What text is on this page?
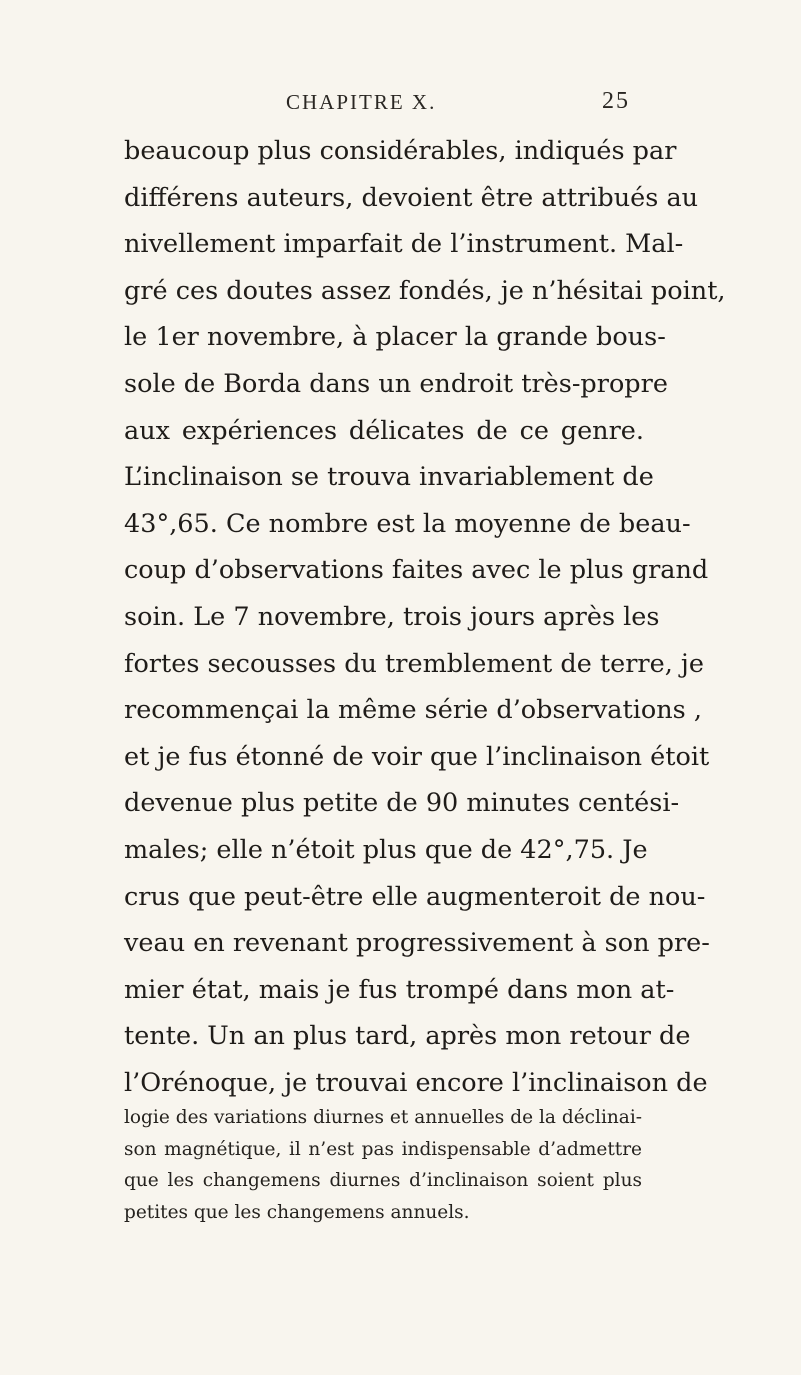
CHAPITRE X.	25
beaucoup plus considérables, indiqués par
différens auteurs, devoient être attribués au
nivellement imparfait de l’instrument. Mal-
gré ces doutes assez fondés, je n’hésitai point,
le 1er novembre, à placer la grande bous-
sole de Borda dans un endroit très-propre
aux expériences délicates de ce genre.
L’inclinaison se trouva invariablement de
43°,65. Ce nombre est la moyenne de beau-
coup d’observations faites avec le plus grand
soin. Le 7 novembre, trois jours après les
fortes secousses du tremblement de terre, je
recommençai la même série d’observations ,
et je fus étonné de voir que l’inclinaison étoit
devenue plus petite de 90 minutes centési-
males; elle n’étoit plus que de 42°,75. Je
crus que peut-être elle augmenteroit de nou-
veau en revenant progressivement à son pre-
mier état, mais je fus trompé dans mon at-
tente. Un an plus tard, après mon retour de
l’Orénoque, je trouvai encore l’inclinaison de
logie des variations diurnes et annuelles de la déclinai-
son magnétique, il n’est pas indispensable d’admettre
que les changemens diurnes d’inclinaison soient plus
petites que les changemens annuels.
